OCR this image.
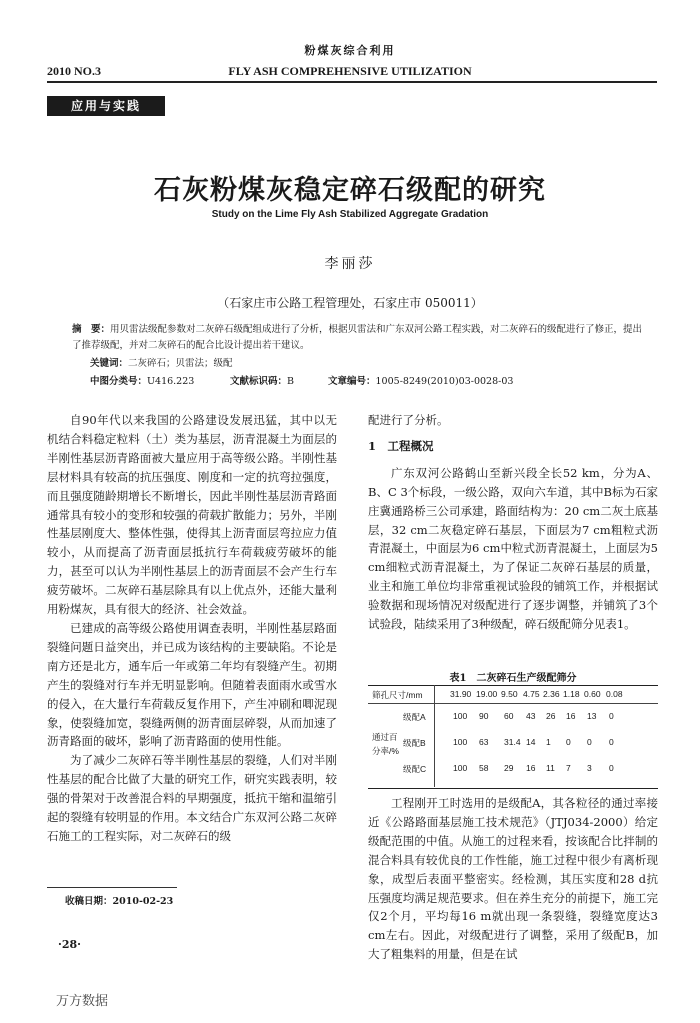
粉煤灰综合利用
2010 NO.3	FLY ASH COMPREHENSIVE UTILIZATION
应用与实践
石灰粉煤灰稳定碎石级配的研究
Study on the Lime Fly Ash Stabilized Aggregate Gradation
李丽莎
（石家庄市公路工程管理处，石家庄市 050011）
摘　要：用贝雷法级配参数对二灰碎石级配组成进行了分析，根据贝雷法和广东双河公路工程实践，对二灰碎石的级配进行了修正，提出了推荐级配，并对二灰碎石的配合比设计提出若干建议。
关键词：二灰碎石；贝雷法；级配
中图分类号：U416.223	文献标识码：B	文章编号：1005-8249(2010)03-0028-03

自90年代以来我国的公路建设发展迅猛，其中以无机结合料稳定粒料（土）类为基层，沥青混凝土为面层的半刚性基层沥青路面被大量应用于高等级公路。半刚性基层材料具有较高的抗压强度、刚度和一定的抗弯拉强度，而且强度随龄期增长不断增长，因此半刚性基层沥青路面通常具有较小的变形和较强的荷载扩散能力；另外，半刚性基层刚度大、整体性强，使得其上沥青面层弯拉应力值较小，从而提高了沥青面层抵抗行车荷载疲劳破坏的能力，甚至可以认为半刚性基层上的沥青面层不会产生行车疲劳破坏。二灰碎石基层除具有以上优点外，还能大量利用粉煤灰，具有很大的经济、社会效益。

已建成的高等级公路使用调查表明，半刚性基层路面裂缝问题日益突出，并已成为该结构的主要缺陷。不论是南方还是北方，通车后一年或第二年均有裂缝产生。初期产生的裂缝对行车并无明显影响。但随着表面雨水或雪水的侵入，在大量行车荷载反复作用下，产生冲刷和唧泥现象，使裂缝加宽，裂缝两侧的沥青面层碎裂，从而加速了沥青路面的破坏，影响了沥青路面的使用性能。

为了减少二灰碎石等半刚性基层的裂缝，人们对半刚性基层的配合比做了大量的研究工作，研究实践表明，较强的骨架对于改善混合料的早期强度，抵抗干缩和温缩引起的裂缝有较明显的作用。本文结合广东双河公路二灰碎石施工的工程实际，对二灰碎石的级

配进行了分析。

1　工程概况

广东双河公路鹤山至新兴段全长52 km，分为A、B、C 3个标段，一级公路，双向六车道，其中B标为石家庄冀通路桥三公司承建，路面结构为：20 cm二灰土底基层，32 cm二灰稳定碎石基层，下面层为7 cm粗粒式沥青混凝土，中面层为6 cm中粒式沥青混凝土，上面层为5 cm细粒式沥青混凝土，为了保证二灰碎石基层的质量，业主和施工单位均非常重视试验段的铺筑工作，并根据试验数据和现场情况对级配进行了逐步调整，并铺筑了3个试验段，陆续采用了3种级配，碎石级配筛分见表1。

表1　二灰碎石生产级配筛分
筛孔尺寸/mm	31.90 19.00 9.50 4.75 2.36 1.18 0.60 0.08
通过百
分率/%
级配A	100 90 60 43 26 16 13 0
级配B	100 63 31.4 14 1 0 0 0
级配C	100 58 29 16 11 7 3 0

工程刚开工时选用的是级配A，其各粒径的通过率接近《公路路面基层施工技术规范》（JTJ034-2000）给定级配范围的中值。从施工的过程来看，按该配合比拌制的混合料具有较优良的工作性能，施工过程中很少有离析现象，成型后表面平整密实。经检测，其压实度和28 d抗压强度均满足规范要求。但在养生充分的前提下，施工完仅2个月，平均每16 m就出现一条裂缝，裂缝宽度达3 cm左右。因此，对级配进行了调整，采用了级配B，加大了粗集料的用量，但是在试

收稿日期：2010-02-23
·28·
万方数据
